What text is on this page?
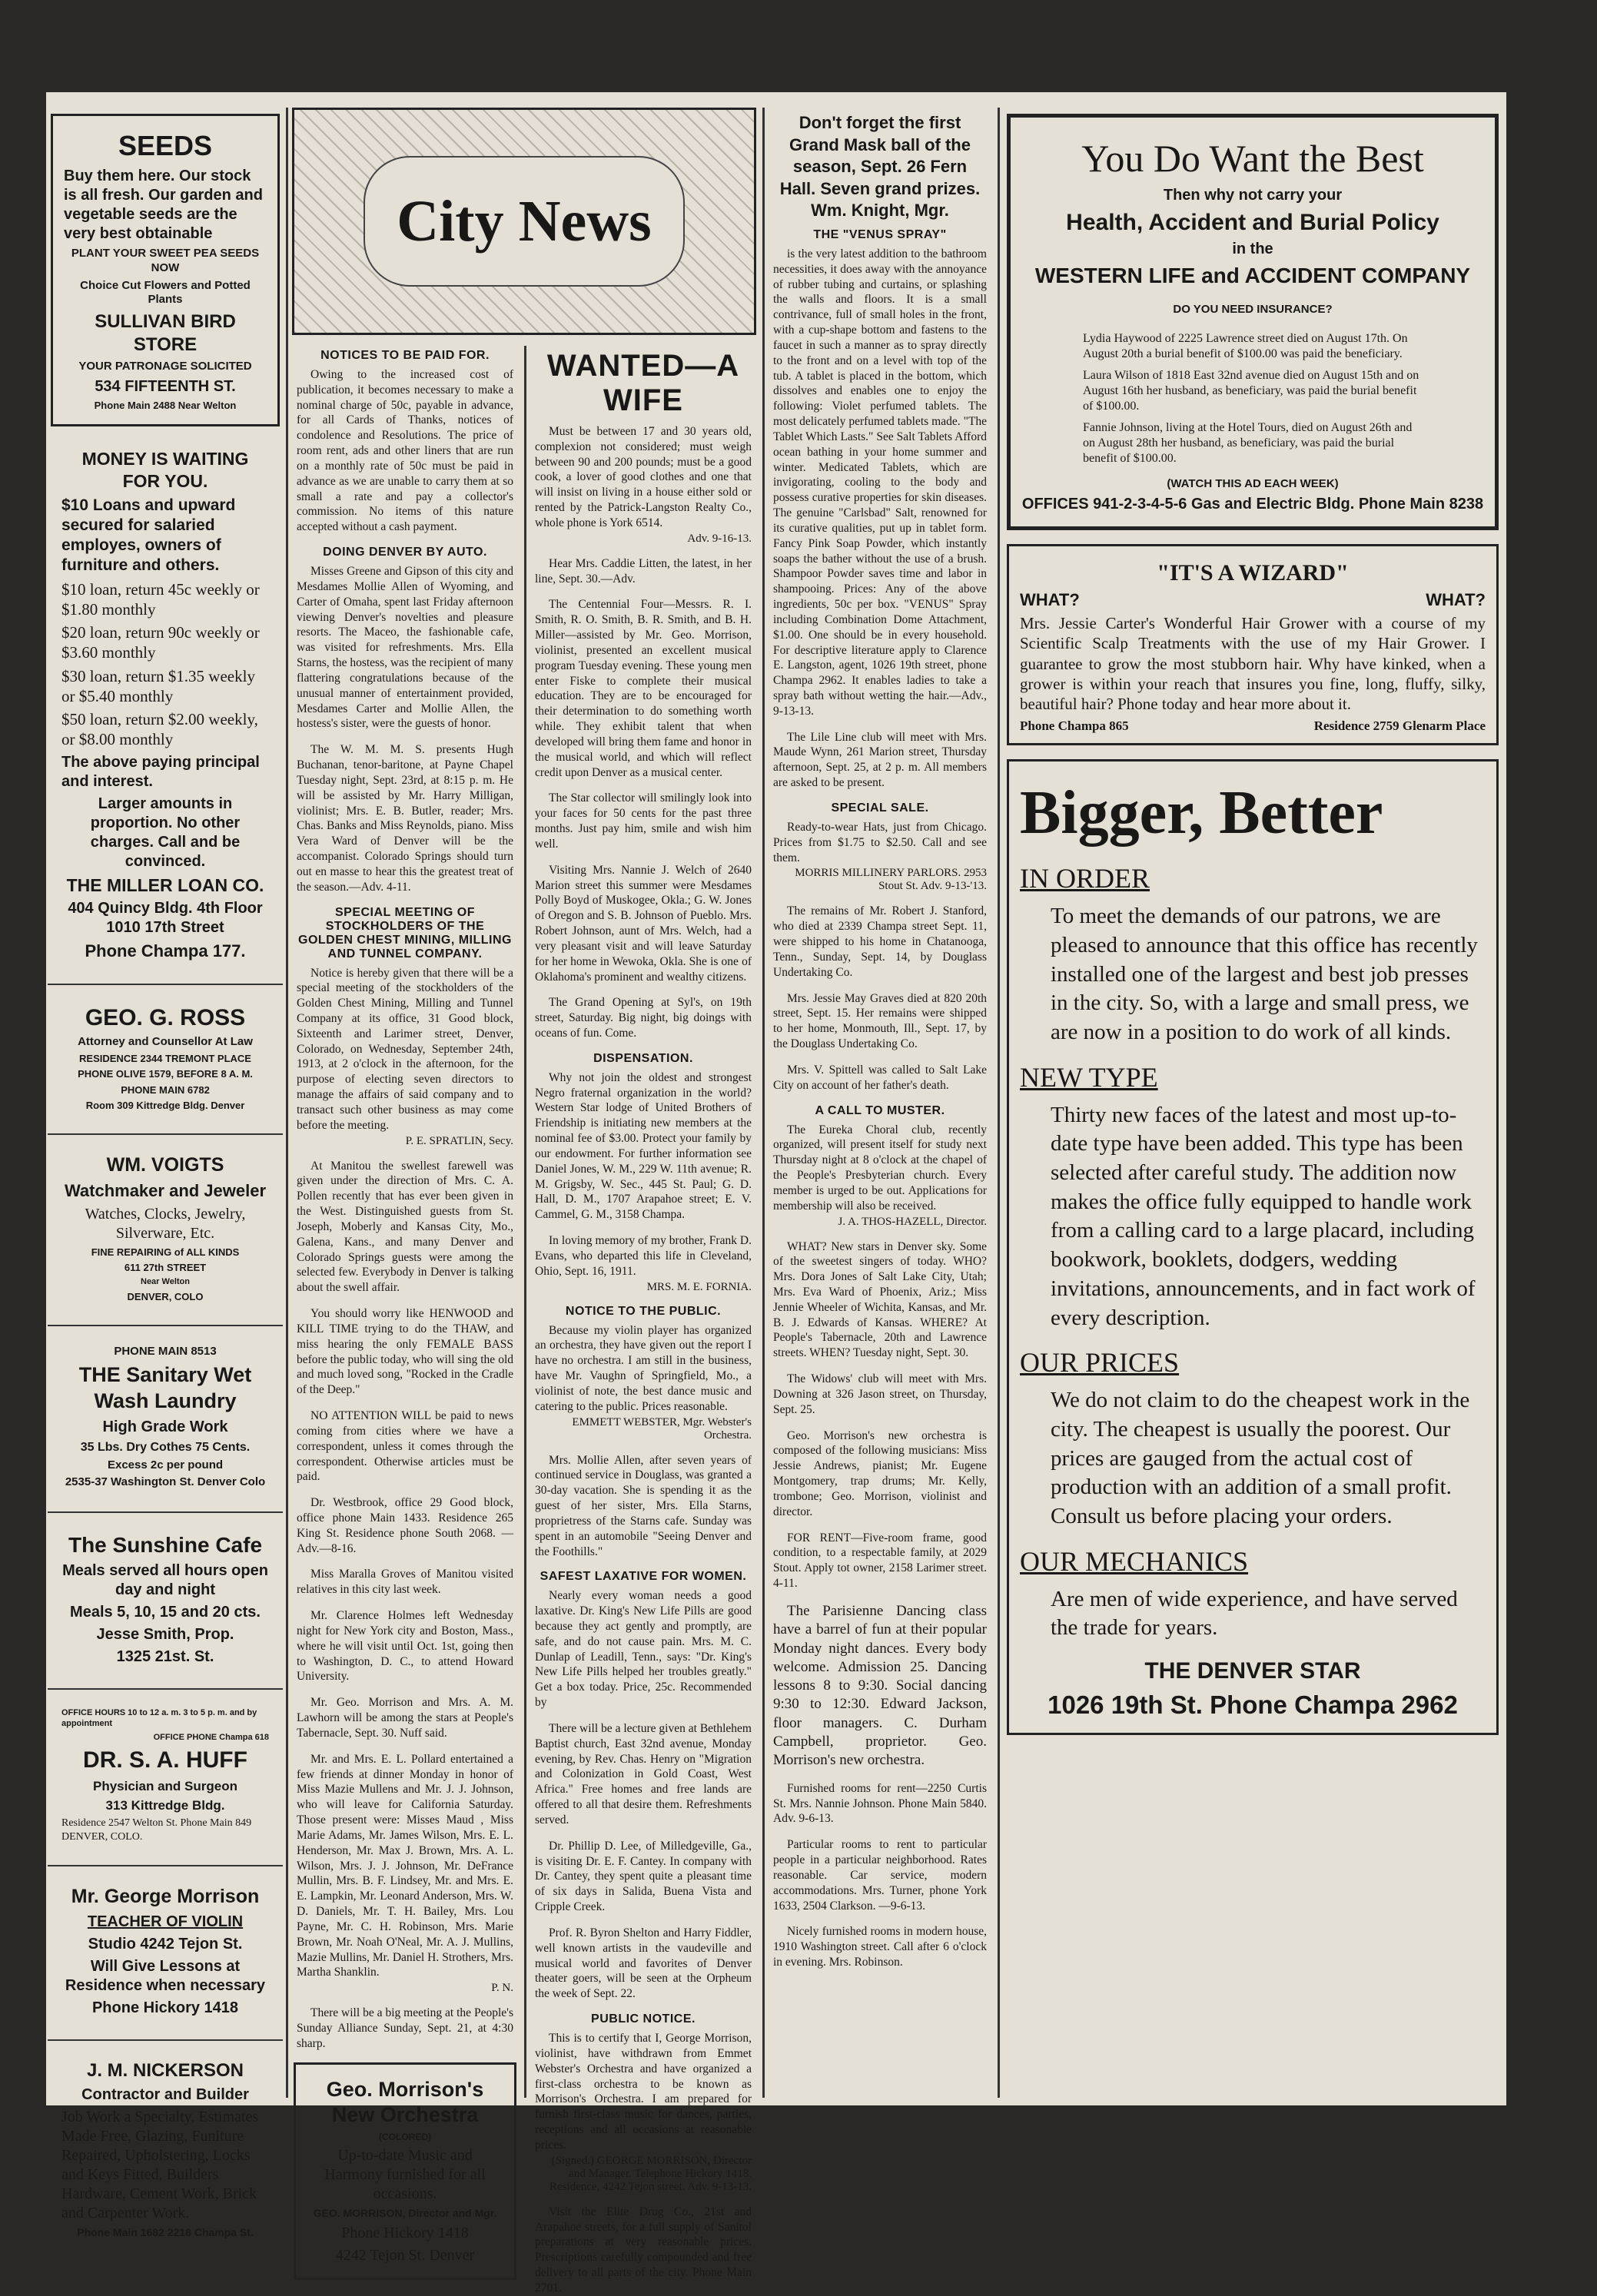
SEEDS

Buy them here. Our stock is all fresh. Our garden and vegetable seeds are the very best obtainable

PLANT YOUR SWEET PEA SEEDS NOW

Choice Cut Flowers and Potted Plants

SULLIVAN BIRD STORE

YOUR PATRONAGE SOLICITED

534 FIFTEENTH ST.

Phone Main 2488 Near Welton

MONEY IS WAITING FOR YOU.

$10 Loans and upward secured for salaried employes, owners of furniture and others.

$10 loan, return 45c weekly or $1.80 monthly

$20 loan, return 90c weekly or $3.60 monthly

$30 loan, return $1.35 weekly or $5.40 monthly

$50 loan, return $2.00 weekly, or $8.00 monthly

The above paying principal and interest.

Larger amounts in proportion. No other charges. Call and be convinced.

THE MILLER LOAN CO.

404 Quincy Bldg. 4th Floor 1010 17th Street

Phone Champa 177.

GEO. G. ROSS

Attorney and Counsellor At Law

RESIDENCE 2344 TREMONT PLACE

PHONE OLIVE 1579, BEFORE 8 A. M.

PHONE MAIN 6782

Room 309 Kittredge Bldg. Denver

WM. VOIGTS

Watchmaker and Jeweler

Watches, Clocks, Jewelry, Silverware, Etc.

FINE REPAIRING of ALL KINDS

611 27th STREET

Near Welton

DENVER, COLO

PHONE MAIN 8513

THE Sanitary Wet Wash Laundry

High Grade Work

35 Lbs. Dry Cothes 75 Cents.

Excess 2c per pound

2535-37 Washington St. Denver Colo

The Sunshine Cafe

Meals served all hours open day and night

Meals 5, 10, 15 and 20 cts.

Jesse Smith, Prop.

1325 21st. St.

OFFICE HOURS 10 to 12 a. m. 3 to 5 p. m. and by appointment

OFFICE PHONE Champa 618

DR. S. A. HUFF

Physician and Surgeon

313 Kittredge Bldg.

Residence 2547 Welton St. Phone Main 849 DENVER, COLO.

Mr. George Morrison

TEACHER OF VIOLIN

Studio 4242 Tejon St.

Will Give Lessons at Residence when necessary

Phone Hickory 1418

J. M. NICKERSON

Contractor and Builder

Job Work a Specialty, Estimates Made Free, Glazing, Funiture Repaired, Upholstering, Locks and Keys Fitted, Builders Hardware, Cement Work, Brick and Carpenter Work.

Phone Main 1682 2218 Champa St.

NOTICES TO BE PAID FOR.

Owing to the increased cost of publication, it becomes necessary to make a nominal charge of 50c, payable in advance, for all Cards of Thanks, notices of condolence and Resolutions. The price of room rent, ads and other liners that are run on a monthly rate of 50c must be paid in advance as we are unable to carry them at so small a rate and pay a collector's commission. No items of this nature accepted without a cash payment.

DOING DENVER BY AUTO.

Misses Greene and Gipson of this city and Mesdames Mollie Allen of Wyoming, and Carter of Omaha, spent last Friday afternoon viewing Denver's novelties and pleasure resorts. The Maceo, the fashionable cafe, was visited for refreshments. Mrs. Ella Starns, the hostess, was the recipient of many flattering congratulations because of the unusual manner of entertainment provided, Mesdames Carter and Mollie Allen, the hostess's sister, were the guests of honor.

The W. M. M. S. presents Hugh Buchanan, tenor-baritone, at Payne Chapel Tuesday night, Sept. 23rd, at 8:15 p. m. He will be assisted by Mr. Harry Milligan, violinist; Mrs. E. B. Butler, reader; Mrs. Chas. Banks and Miss Reynolds, piano. Miss Vera Ward of Denver will be the accompanist. Colorado Springs should turn out en masse to hear this the greatest treat of the season.—Adv. 4-11.

SPECIAL MEETING OF STOCKHOLDERS OF THE GOLDEN CHEST MINING, MILLING AND TUNNEL COMPANY.

Notice is hereby given that there will be a special meeting of the stockholders of the Golden Chest Mining, Milling and Tunnel Company at its office, 31 Good block, Sixteenth and Larimer street, Denver, Colorado, on Wednesday, September 24th, 1913, at 2 o'clock in the afternoon, for the purpose of electing seven directors to manage the affairs of said company and to transact such other business as may come before the meeting.

P. E. SPRATLIN, Secy.

At Manitou the swellest farewell was given under the direction of Mrs. C. A. Pollen recently that has ever been given in the West. Distinguished guests from St. Joseph, Moberly and Kansas City, Mo., Galena, Kans., and many Denver and Colorado Springs guests were among the selected few. Everybody in Denver is talking about the swell affair.

You should worry like HENWOOD and KILL TIME trying to do the THAW, and miss hearing the only FEMALE BASS before the public today, who will sing the old and much loved song, "Rocked in the Cradle of the Deep."

NO ATTENTION WILL be paid to news coming from cities where we have a correspondent, unless it comes through the correspondent. Otherwise articles must be paid.

Dr. Westbrook, office 29 Good block, office phone Main 1433. Residence 265 King St. Residence phone South 2068. —Adv.—8-16.

Miss Maralla Groves of Manitou visited relatives in this city last week.

Mr. Clarence Holmes left Wednesday night for New York city and Boston, Mass., where he will visit until Oct. 1st, going then to Washington, D. C., to attend Howard University.

Mr. Geo. Morrison and Mrs. A. M. Lawhorn will be among the stars at People's Tabernacle, Sept. 30. Nuff said.

Mr. and Mrs. E. L. Pollard entertained a few friends at dinner Monday in honor of Miss Mazie Mullens and Mr. J. J. Johnson, who will leave for California Saturday. Those present were: Misses Maud , Miss Marie Adams, Mr. James Wilson, Mrs. E. L. Henderson, Mr. Max J. Brown, Mrs. A. L. Wilson, Mrs. J. J. Johnson, Mr. DeFrance Mullin, Mrs. B. F. Lindsey, Mr. and Mrs. E. E. Lampkin, Mr. Leonard Anderson, Mrs. W. D. Daniels, Mr. T. H. Bailey, Mrs. Lou Payne, Mr. C. H. Robinson, Mrs. Marie Brown, Mr. Noah O'Neal, Mr. A. J. Mullins, Mazie Mullins, Mr. Daniel H. Strothers, Mrs. Martha Shanklin.

P. N.

There will be a big meeting at the People's Sunday Alliance Sunday, Sept. 21, at 4:30 sharp.

Geo. Morrison's New Orchestra

(COLORED)

Up-to-date Music and Harmony furnished for all occasions.

GEO. MORRISON, Director and Mgr.

Phone Hickory 1418

4242 Tejon St. Denver

WANTED—A WIFE

Must be between 17 and 30 years old, complexion not considered; must weigh between 90 and 200 pounds; must be a good cook, a lover of good clothes and one that will insist on living in a house either sold or rented by the Patrick-Langston Realty Co., whole phone is York 6514.

Adv. 9-16-13.

Hear Mrs. Caddie Litten, the latest, in her line, Sept. 30.—Adv.

The Centennial Four—Messrs. R. I. Smith, R. O. Smith, B. R. Smith, and B. H. Miller—assisted by Mr. Geo. Morrison, violinist, presented an excellent musical program Tuesday evening. These young men enter Fiske to complete their musical education. They are to be encouraged for their determination to do something worth while. They exhibit talent that when developed will bring them fame and honor in the musical world, and which will reflect credit upon Denver as a musical center.

The Star collector will smilingly look into your faces for 50 cents for the past three months. Just pay him, smile and wish him well.

Visiting Mrs. Nannie J. Welch of 2640 Marion street this summer were Mesdames Polly Boyd of Muskogee, Okla.; G. W. Jones of Oregon and S. B. Johnson of Pueblo. Mrs. Robert Johnson, aunt of Mrs. Welch, had a very pleasant visit and will leave Saturday for her home in Wewoka, Okla. She is one of Oklahoma's prominent and wealthy citizens.

The Grand Opening at Syl's, on 19th street, Saturday. Big night, big doings with oceans of fun. Come.

DISPENSATION.

Why not join the oldest and strongest Negro fraternal organization in the world? Western Star lodge of United Brothers of Friendship is initiating new members at the nominal fee of $3.00. Protect your family by our endowment. For further information see Daniel Jones, W. M., 229 W. 11th avenue; R. M. Grigsby, W. Sec., 445 St. Paul; G. D. Hall, D. M., 1707 Arapahoe street; E. V. Cammel, G. M., 3158 Champa.

In loving memory of my brother, Frank D. Evans, who departed this life in Cleveland, Ohio, Sept. 16, 1911.

MRS. M. E. FORNIA.
NOTICE TO THE PUBLIC.

Because my violin player has organized an orchestra, they have given out the report I have no orchestra. I am still in the business, have Mr. Vaughn of Springfield, Mo., a violinist of note, the best dance music and catering to the public. Prices reasonable.

EMMETT WEBSTER, Mgr. Webster's Orchestra.

Mrs. Mollie Allen, after seven years of continued service in Douglass, was granted a 30-day vacation. She is spending it as the guest of her sister, Mrs. Ella Starns, proprietress of the Starns cafe. Sunday was spent in an automobile "Seeing Denver and the Foothills."

SAFEST LAXATIVE FOR WOMEN.

Nearly every woman needs a good laxative. Dr. King's New Life Pills are good because they act gently and promptly, are safe, and do not cause pain. Mrs. M. C. Dunlap of Leadill, Tenn., says: "Dr. King's New Life Pills helped her troubles greatly." Get a box today. Price, 25c. Recommended by

There will be a lecture given at Bethlehem Baptist church, East 32nd avenue, Monday evening, by Rev. Chas. Henry on "Migration and Colonization in Gold Coast, West Africa." Free homes and free lands are offered to all that desire them. Refreshments served.

Dr. Phillip D. Lee, of Milledgeville, Ga., is visiting Dr. E. F. Cantey. In company with Dr. Cantey, they spent quite a pleasant time of six days in Salida, Buena Vista and Cripple Creek.

Prof. R. Byron Shelton and Harry Fiddler, well known artists in the vaudeville and musical world and favorites of Denver theater goers, will be seen at the Orpheum the week of Sept. 22.

PUBLIC NOTICE.

This is to certify that I, George Morrison, violinist, have withdrawn from Emmet Webster's Orchestra and have organized a first-class orchestra to be known as Morrison's Orchestra. I am prepared for furnish first-class music for dances, parties, receptions and all occasions at reasonable prices.

(Signed.) GEORGE MORRISON, Director and Manager. Telephone Hickory 1418. Residence, 4242 Tejon street. Adv. 9-13-13.

Visit the Elite Drug Co., 21st and Arapahoe streets, for a full supply of Sanitol preparations at very reasonable prices. Prescriptions carefully compounded and free delivery to all parts of the city. Phone Main 2701.

City News
Don't forget the first Grand Mask ball of the season, Sept. 26 Fern Hall. Seven grand prizes. Wm. Knight, Mgr.
THE "VENUS SPRAY"

is the very latest addition to the bathroom necessities, it does away with the annoyance of rubber tubing and curtains, or splashing the walls and floors. It is a small contrivance, full of small holes in the front, with a cup-shape bottom and fastens to the faucet in such a manner as to spray directly to the front and on a level with top of the tub. A tablet is placed in the bottom, which dissolves and enables one to enjoy the following: Violet perfumed tablets. The most delicately perfumed tablets made. "The Tablet Which Lasts." See Salt Tablets Afford ocean bathing in your home summer and winter. Medicated Tablets, which are invigorating, cooling to the body and possess curative properties for skin diseases. The genuine "Carlsbad" Salt, renowned for its curative qualities, put up in tablet form. Fancy Pink Soap Powder, which instantly soaps the bather without the use of a brush. Shampoor Powder saves time and labor in shampooing. Prices: Any of the above ingredients, 50c per box. "VENUS" Spray including Combination Dome Attachment, $1.00. One should be in every household. For descriptive literature apply to Clarence E. Langston, agent, 1026 19th street, phone Champa 2962. It enables ladies to take a spray bath without wetting the hair.—Adv., 9-13-13.

The Lile Line club will meet with Mrs. Maude Wynn, 261 Marion street, Thursday afternoon, Sept. 25, at 2 p. m. All members are asked to be present.

SPECIAL SALE.

Ready-to-wear Hats, just from Chicago. Prices from $1.75 to $2.50. Call and see them.

MORRIS MILLINERY PARLORS. 2953 Stout St. Adv. 9-13-'13.

The remains of Mr. Robert J. Stanford, who died at 2339 Champa street Sept. 11, were shipped to his home in Chatanooga, Tenn., Sunday, Sept. 14, by Douglass Undertaking Co.

Mrs. Jessie May Graves died at 820 20th street, Sept. 15. Her remains were shipped to her home, Monmouth, Ill., Sept. 17, by the Douglass Undertaking Co.

Mrs. V. Spittell was called to Salt Lake City on account of her father's death.

A CALL TO MUSTER.

The Eureka Choral club, recently organized, will present itself for study next Thursday night at 8 o'clock at the chapel of the People's Presbyterian church. Every member is urged to be out. Applications for membership will also be received.

J. A. THOS-HAZELL, Director.

WHAT? New stars in Denver sky. Some of the sweetest singers of today. WHO? Mrs. Dora Jones of Salt Lake City, Utah; Mrs. Eva Ward of Phoenix, Ariz.; Miss Jennie Wheeler of Wichita, Kansas, and Mr. B. J. Edwards of Kansas. WHERE? At People's Tabernacle, 20th and Lawrence streets. WHEN? Tuesday night, Sept. 30.

The Widows' club will meet with Mrs. Downing at 326 Jason street, on Thursday, Sept. 25.

Geo. Morrison's new orchestra is composed of the following musicians: Miss Jessie Andrews, pianist; Mr. Eugene Montgomery, trap drums; Mr. Kelly, trombone; Geo. Morrison, violinist and director.

FOR RENT—Five-room frame, good condition, to a respectable family, at 2029 Stout. Apply tot owner, 2158 Larimer street. 4-11.

The Parisienne Dancing class have a barrel of fun at their popular Monday night dances. Every body welcome. Admission 25. Dancing lessons 8 to 9:30. Social dancing 9:30 to 12:30. Edward Jackson, floor managers. C. Durham Campbell, proprietor. Geo. Morrison's new orchestra.

Furnished rooms for rent—2250 Curtis St. Mrs. Nannie Johnson. Phone Main 5840. Adv. 9-6-13.

Particular rooms to rent to particular people in a particular neighborhood. Rates reasonable. Car service, modern accommodations. Mrs. Turner, phone York 1633, 2504 Clarkson. —9-6-13.

Nicely furnished rooms in modern house, 1910 Washington street. Call after 6 o'clock in evening. Mrs. Robinson.

You Do Want the Best

Then why not carry your

Health, Accident and Burial Policy

in the

WESTERN LIFE and ACCIDENT COMPANY

DO YOU NEED INSURANCE?

Lydia Haywood of 2225 Lawrence street died on August 17th. On August 20th a burial benefit of $100.00 was paid the beneficiary.

Laura Wilson of 1818 East 32nd avenue died on August 15th and on August 16th her husband, as beneficiary, was paid the burial benefit of $100.00.

Fannie Johnson, living at the Hotel Tours, died on August 26th and on August 28th her husband, as beneficiary, was paid the burial benefit of $100.00.

(WATCH THIS AD EACH WEEK)

OFFICES 941-2-3-4-5-6 Gas and Electric Bldg. Phone Main 8238

"IT'S A WIZARD"

WHAT?	WHAT?

Mrs. Jessie Carter's Wonderful Hair Grower with a course of my Scientific Scalp Treatments with the use of my Hair Grower. I guarantee to grow the most stubborn hair. Why have kinked, when a grower is within your reach that insures you fine, long, fluffy, silky, beautiful hair? Phone today and hear more about it.

Phone Champa 865	Residence 2759 Glenarm Place
Bigger, Better
IN ORDER
To meet the demands of our patrons, we are pleased to announce that this office has recently installed one of the largest and best job presses in the city. So, with a large and small press, we are now in a position to do work of all kinds.
NEW TYPE
Thirty new faces of the latest and most up-to-date type have been added. This type has been selected after careful study. The addition now makes the office fully equipped to handle work from a calling card to a large placard, including bookwork, booklets, dodgers, wedding invitations, announcements, and in fact work of every description.
OUR PRICES
We do not claim to do the cheapest work in the city. The cheapest is usually the poorest. Our prices are gauged from the actual cost of production with an addition of a small profit. Consult us before placing your orders.
OUR MECHANICS
Are men of wide experience, and have served the trade for years.

THE DENVER STAR

1026 19th St. Phone Champa 2962
